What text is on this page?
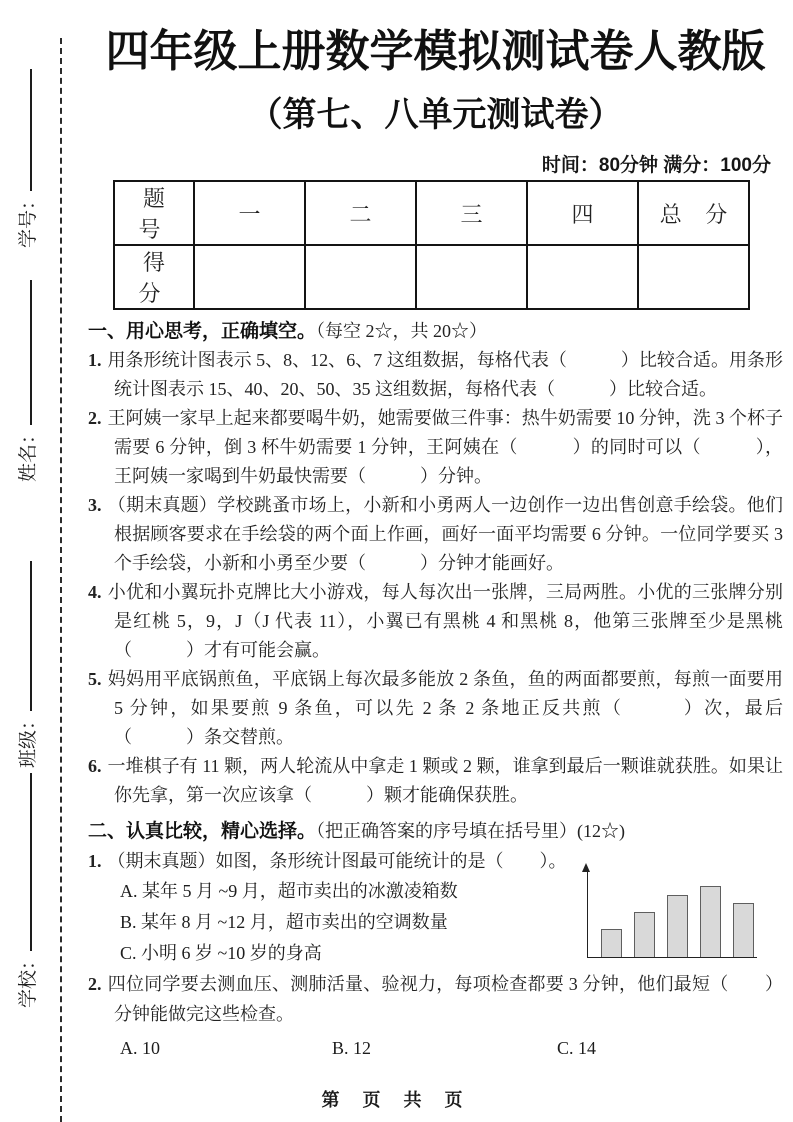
学号：
姓名：
班级：
学校：
四年级上册数学模拟测试卷人教版
（第七、八单元测试卷）
时间：80分钟 满分：100分
题 号	一	二	三	四	总 分
得 分					
一、用心思考，正确填空。（每空 2☆，共 20☆）

1. 用条形统计图表示 5、8、12、6、7 这组数据，每格代表（　　　）比较合适。用条形统计图表示 15、40、20、50、35 这组数据，每格代表（　　　）比较合适。

2. 王阿姨一家早上起来都要喝牛奶，她需要做三件事：热牛奶需要 10 分钟，洗 3 个杯子需要 6 分钟，倒 3 杯牛奶需要 1 分钟，王阿姨在（　　　）的同时可以（　　　），王阿姨一家喝到牛奶最快需要（　　　）分钟。

3. （期末真题）学校跳蚤市场上，小新和小勇两人一边创作一边出售创意手绘袋。他们根据顾客要求在手绘袋的两个面上作画，画好一面平均需要 6 分钟。一位同学要买 3 个手绘袋，小新和小勇至少要（　　　）分钟才能画好。

4. 小优和小翼玩扑克牌比大小游戏，每人每次出一张牌，三局两胜。小优的三张牌分别是红桃 5，9，J（J 代表 11），小翼已有黑桃 4 和黑桃 8，他第三张牌至少是黑桃（　　　）才有可能会赢。

5. 妈妈用平底锅煎鱼，平底锅上每次最多能放 2 条鱼，鱼的两面都要煎，每煎一面要用 5 分钟，如果要煎 9 条鱼，可以先 2 条 2 条地正反共煎（　　　）次，最后（　　　）条交替煎。

6. 一堆棋子有 11 颗，两人轮流从中拿走 1 颗或 2 颗，谁拿到最后一颗谁就获胜。如果让你先拿，第一次应该拿（　　　）颗才能确保获胜。

二、认真比较，精心选择。（把正确答案的序号填在括号里）(12☆)

1. （期末真题）如图，条形统计图最可能统计的是（　　）。

A. 某年 5 月 ~9 月，超市卖出的冰激凌箱数
B. 某年 8 月 ~12 月，超市卖出的空调数量
C. 小明 6 岁 ~10 岁的身高

2. 四位同学要去测血压、测肺活量、验视力，每项检查都要 3 分钟，他们最短（　　）分钟能做完这些检查。

A. 10	B. 12	C. 14
第 页 共 页
